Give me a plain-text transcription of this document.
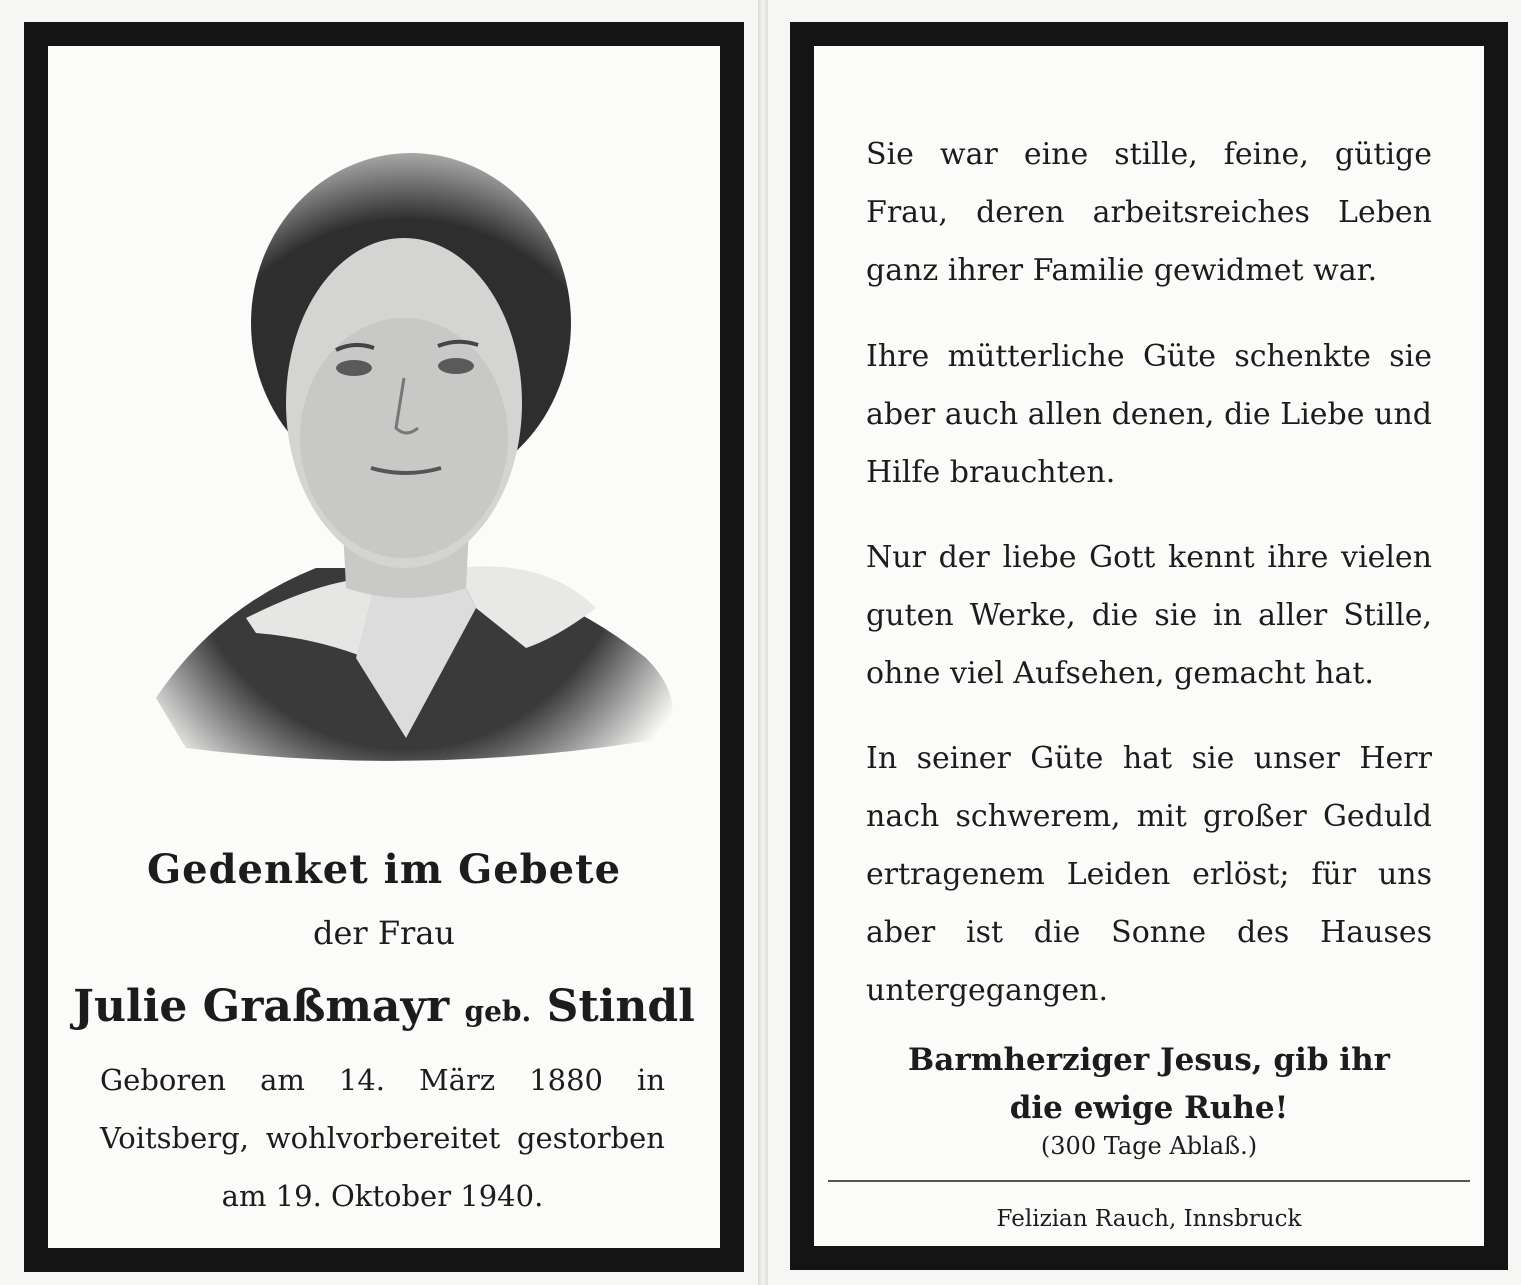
Gedenket im Gebete
der Frau
Julie Graßmayr geb. Stindl
Geboren am 14. März 1880 in Voitsberg, wohlvorbereitet gestorben am 19. Oktober 1940.
Sie war eine stille, feine, gütige Frau, deren arbeitsreiches Leben ganz ihrer Familie gewidmet war.
Ihre mütterliche Güte schenkte sie aber auch allen denen, die Liebe und Hilfe brauchten.
Nur der liebe Gott kennt ihre vielen guten Werke, die sie in aller Stille, ohne viel Aufsehen, gemacht hat.
In seiner Güte hat sie unser Herr nach schwerem, mit großer Geduld ertragenem Leiden erlöst; für uns aber ist die Sonne des Hauses untergegangen.
Barmherziger Jesus, gib ihr
die ewige Ruhe!
(300 Tage Ablaß.)
Felizian Rauch, Innsbruck
